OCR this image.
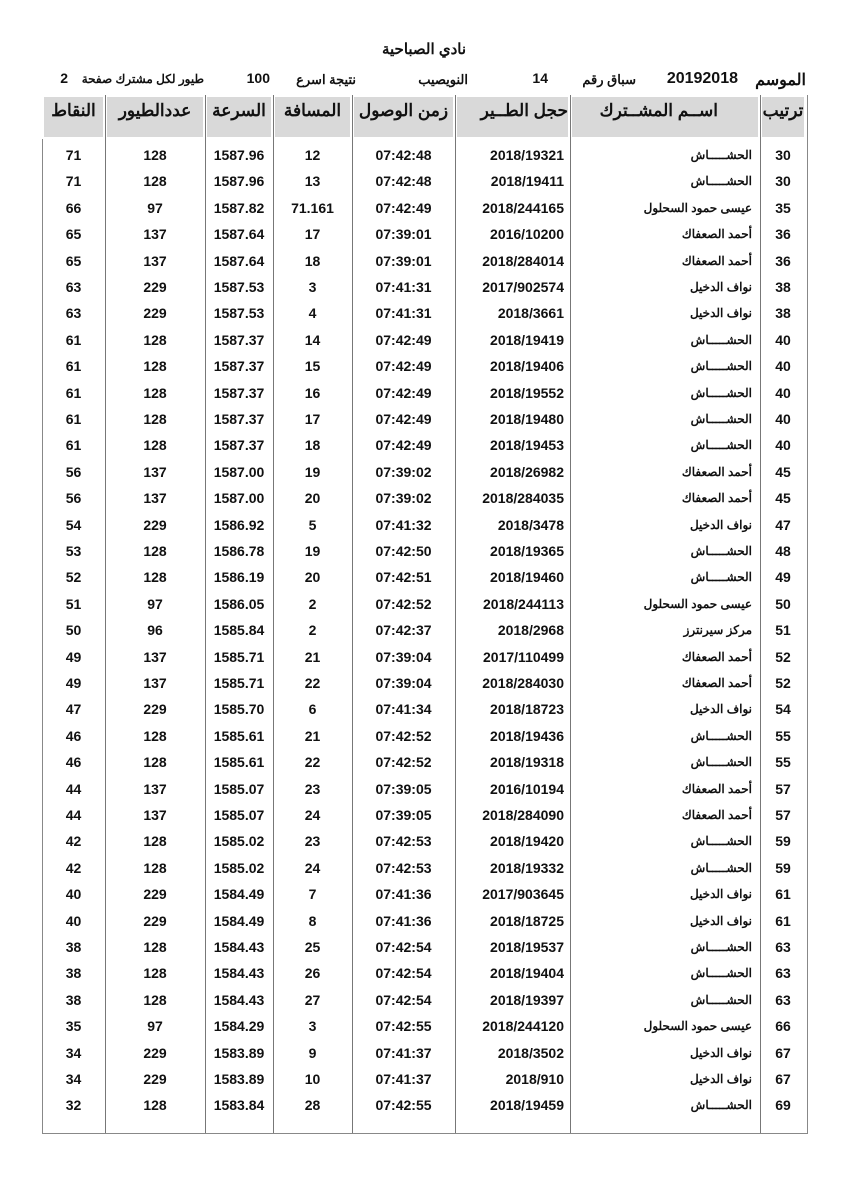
نادي الصباحية
الموسم
20192018
سباق رقم
14
النويصيب
نتيجة اسرع
100
طيور لكل مشترك صفحة
2
ترتيب
اســم المشــترك
حجل الطــير
زمن الوصول
المسافة
السرعة
عددالطيور
النقاط
30
الحشـــــاش
2018/19321
07:42:48
12
1587.96
128
71
30
الحشـــــاش
2018/19411
07:42:48
13
1587.96
128
71
35
عيسى حمود السحلول
2018/244165
07:42:49
71.161
1587.82
97
66
36
أحمد الصعفاك
2016/10200
07:39:01
17
1587.64
137
65
36
أحمد الصعفاك
2018/284014
07:39:01
18
1587.64
137
65
38
نواف الدخيل
2017/902574
07:41:31
3
1587.53
229
63
38
نواف الدخيل
2018/3661
07:41:31
4
1587.53
229
63
40
الحشـــــاش
2018/19419
07:42:49
14
1587.37
128
61
40
الحشـــــاش
2018/19406
07:42:49
15
1587.37
128
61
40
الحشـــــاش
2018/19552
07:42:49
16
1587.37
128
61
40
الحشـــــاش
2018/19480
07:42:49
17
1587.37
128
61
40
الحشـــــاش
2018/19453
07:42:49
18
1587.37
128
61
45
أحمد الصعفاك
2018/26982
07:39:02
19
1587.00
137
56
45
أحمد الصعفاك
2018/284035
07:39:02
20
1587.00
137
56
47
نواف الدخيل
2018/3478
07:41:32
5
1586.92
229
54
48
الحشـــــاش
2018/19365
07:42:50
19
1586.78
128
53
49
الحشـــــاش
2018/19460
07:42:51
20
1586.19
128
52
50
عيسى حمود السحلول
2018/244113
07:42:52
2
1586.05
97
51
51
مركز سيرنترز
2018/2968
07:42:37
2
1585.84
96
50
52
أحمد الصعفاك
2017/110499
07:39:04
21
1585.71
137
49
52
أحمد الصعفاك
2018/284030
07:39:04
22
1585.71
137
49
54
نواف الدخيل
2018/18723
07:41:34
6
1585.70
229
47
55
الحشـــــاش
2018/19436
07:42:52
21
1585.61
128
46
55
الحشـــــاش
2018/19318
07:42:52
22
1585.61
128
46
57
أحمد الصعفاك
2016/10194
07:39:05
23
1585.07
137
44
57
أحمد الصعفاك
2018/284090
07:39:05
24
1585.07
137
44
59
الحشـــــاش
2018/19420
07:42:53
23
1585.02
128
42
59
الحشـــــاش
2018/19332
07:42:53
24
1585.02
128
42
61
نواف الدخيل
2017/903645
07:41:36
7
1584.49
229
40
61
نواف الدخيل
2018/18725
07:41:36
8
1584.49
229
40
63
الحشـــــاش
2018/19537
07:42:54
25
1584.43
128
38
63
الحشـــــاش
2018/19404
07:42:54
26
1584.43
128
38
63
الحشـــــاش
2018/19397
07:42:54
27
1584.43
128
38
66
عيسى حمود السحلول
2018/244120
07:42:55
3
1584.29
97
35
67
نواف الدخيل
2018/3502
07:41:37
9
1583.89
229
34
67
نواف الدخيل
2018/910
07:41:37
10
1583.89
229
34
69
الحشـــــاش
2018/19459
07:42:55
28
1583.84
128
32
